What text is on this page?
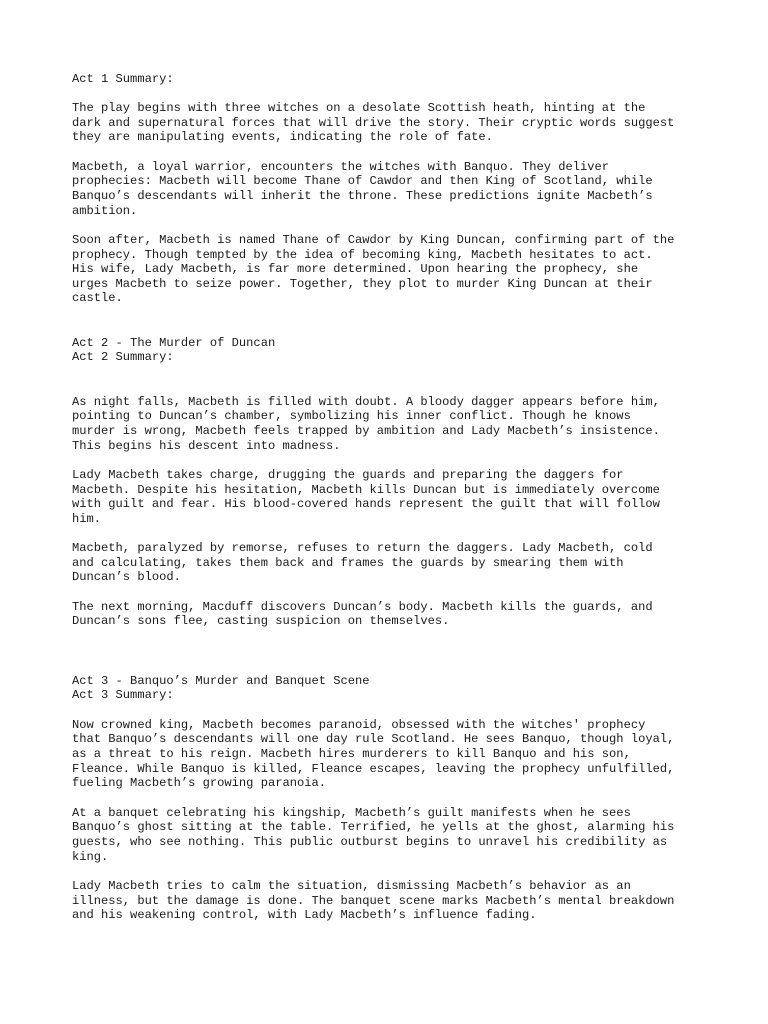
Act 1 Summary:

The play begins with three witches on a desolate Scottish heath, hinting at the

dark and supernatural forces that will drive the story. Their cryptic words suggest

they are manipulating events, indicating the role of fate.

Macbeth, a loyal warrior, encounters the witches with Banquo. They deliver

prophecies: Macbeth will become Thane of Cawdor and then King of Scotland, while

Banquo’s descendants will inherit the throne. These predictions ignite Macbeth’s

ambition.

Soon after, Macbeth is named Thane of Cawdor by King Duncan, confirming part of the

prophecy. Though tempted by the idea of becoming king, Macbeth hesitates to act.

His wife, Lady Macbeth, is far more determined. Upon hearing the prophecy, she

urges Macbeth to seize power. Together, they plot to murder King Duncan at their

castle.

Act 2 - The Murder of Duncan

Act 2 Summary:

As night falls, Macbeth is filled with doubt. A bloody dagger appears before him,

pointing to Duncan’s chamber, symbolizing his inner conflict. Though he knows

murder is wrong, Macbeth feels trapped by ambition and Lady Macbeth’s insistence.

This begins his descent into madness.

Lady Macbeth takes charge, drugging the guards and preparing the daggers for

Macbeth. Despite his hesitation, Macbeth kills Duncan but is immediately overcome

with guilt and fear. His blood-covered hands represent the guilt that will follow

him.

Macbeth, paralyzed by remorse, refuses to return the daggers. Lady Macbeth, cold

and calculating, takes them back and frames the guards by smearing them with

Duncan’s blood.

The next morning, Macduff discovers Duncan’s body. Macbeth kills the guards, and

Duncan’s sons flee, casting suspicion on themselves.

Act 3 - Banquo’s Murder and Banquet Scene

Act 3 Summary:

Now crowned king, Macbeth becomes paranoid, obsessed with the witches' prophecy

that Banquo’s descendants will one day rule Scotland. He sees Banquo, though loyal,

as a threat to his reign. Macbeth hires murderers to kill Banquo and his son,

Fleance. While Banquo is killed, Fleance escapes, leaving the prophecy unfulfilled,

fueling Macbeth’s growing paranoia.

At a banquet celebrating his kingship, Macbeth’s guilt manifests when he sees

Banquo’s ghost sitting at the table. Terrified, he yells at the ghost, alarming his

guests, who see nothing. This public outburst begins to unravel his credibility as

king.

Lady Macbeth tries to calm the situation, dismissing Macbeth’s behavior as an

illness, but the damage is done. The banquet scene marks Macbeth’s mental breakdown

and his weakening control, with Lady Macbeth’s influence fading.
